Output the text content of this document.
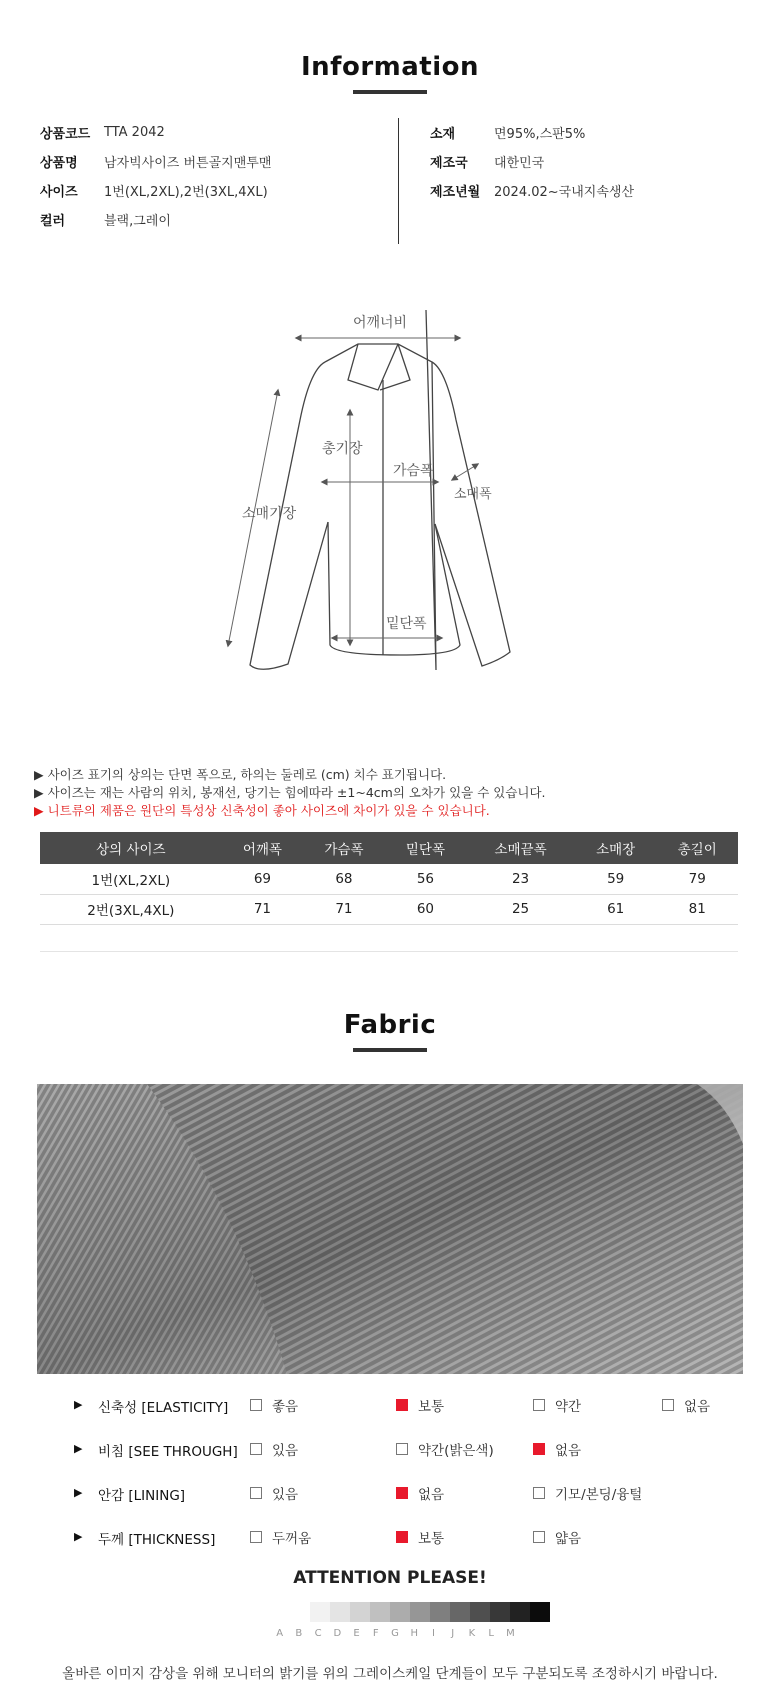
Information
상품코드	TTA 2042
상품명	남자빅사이즈 버튼골지맨투맨
사이즈	1번(XL,2XL),2번(3XL,4XL)
컬러	블랙,그레이
소재	면95%,스판5%
제조국	대한민국
제조년월	2024.02~국내지속생산
어깨너비
총기장
가슴폭
소매폭
소매기장
밑단폭
▶ 사이즈 표기의 상의는 단면 폭으로, 하의는 둘레로 (cm) 치수 표기됩니다.
▶ 사이즈는 재는 사람의 위치, 봉재선, 당기는 힘에따라 ±1~4cm의 오차가 있을 수 있습니다.
▶ 니트류의 제품은 원단의 특성상 신축성이 좋아 사이즈에 차이가 있을 수 있습니다.
상의 사이즈	어깨폭	가슴폭	밑단폭	소매끝폭	소매장	총길이
1번(XL,2XL)	69	68	56	23	59	79
2번(3XL,4XL)	71	71	60	25	61	81
Fabric
▶ 신축성 [ELASTICITY]	좋음	보통	약간	없음
▶ 비침 [SEE THROUGH]	있음	약간(밝은색)	없음
▶ 안감 [LINING]	있음	없음	기모/본딩/융털
▶ 두께 [THICKNESS]	두꺼움	보통	얇음
ATTENTION PLEASE!
A	B	C	D	E	F	G	H	I	J	K	L	M
올바른 이미지 감상을 위해 모니터의 밝기를 위의 그레이스케일 단계들이 모두 구분되도록 조정하시기 바랍니다.
